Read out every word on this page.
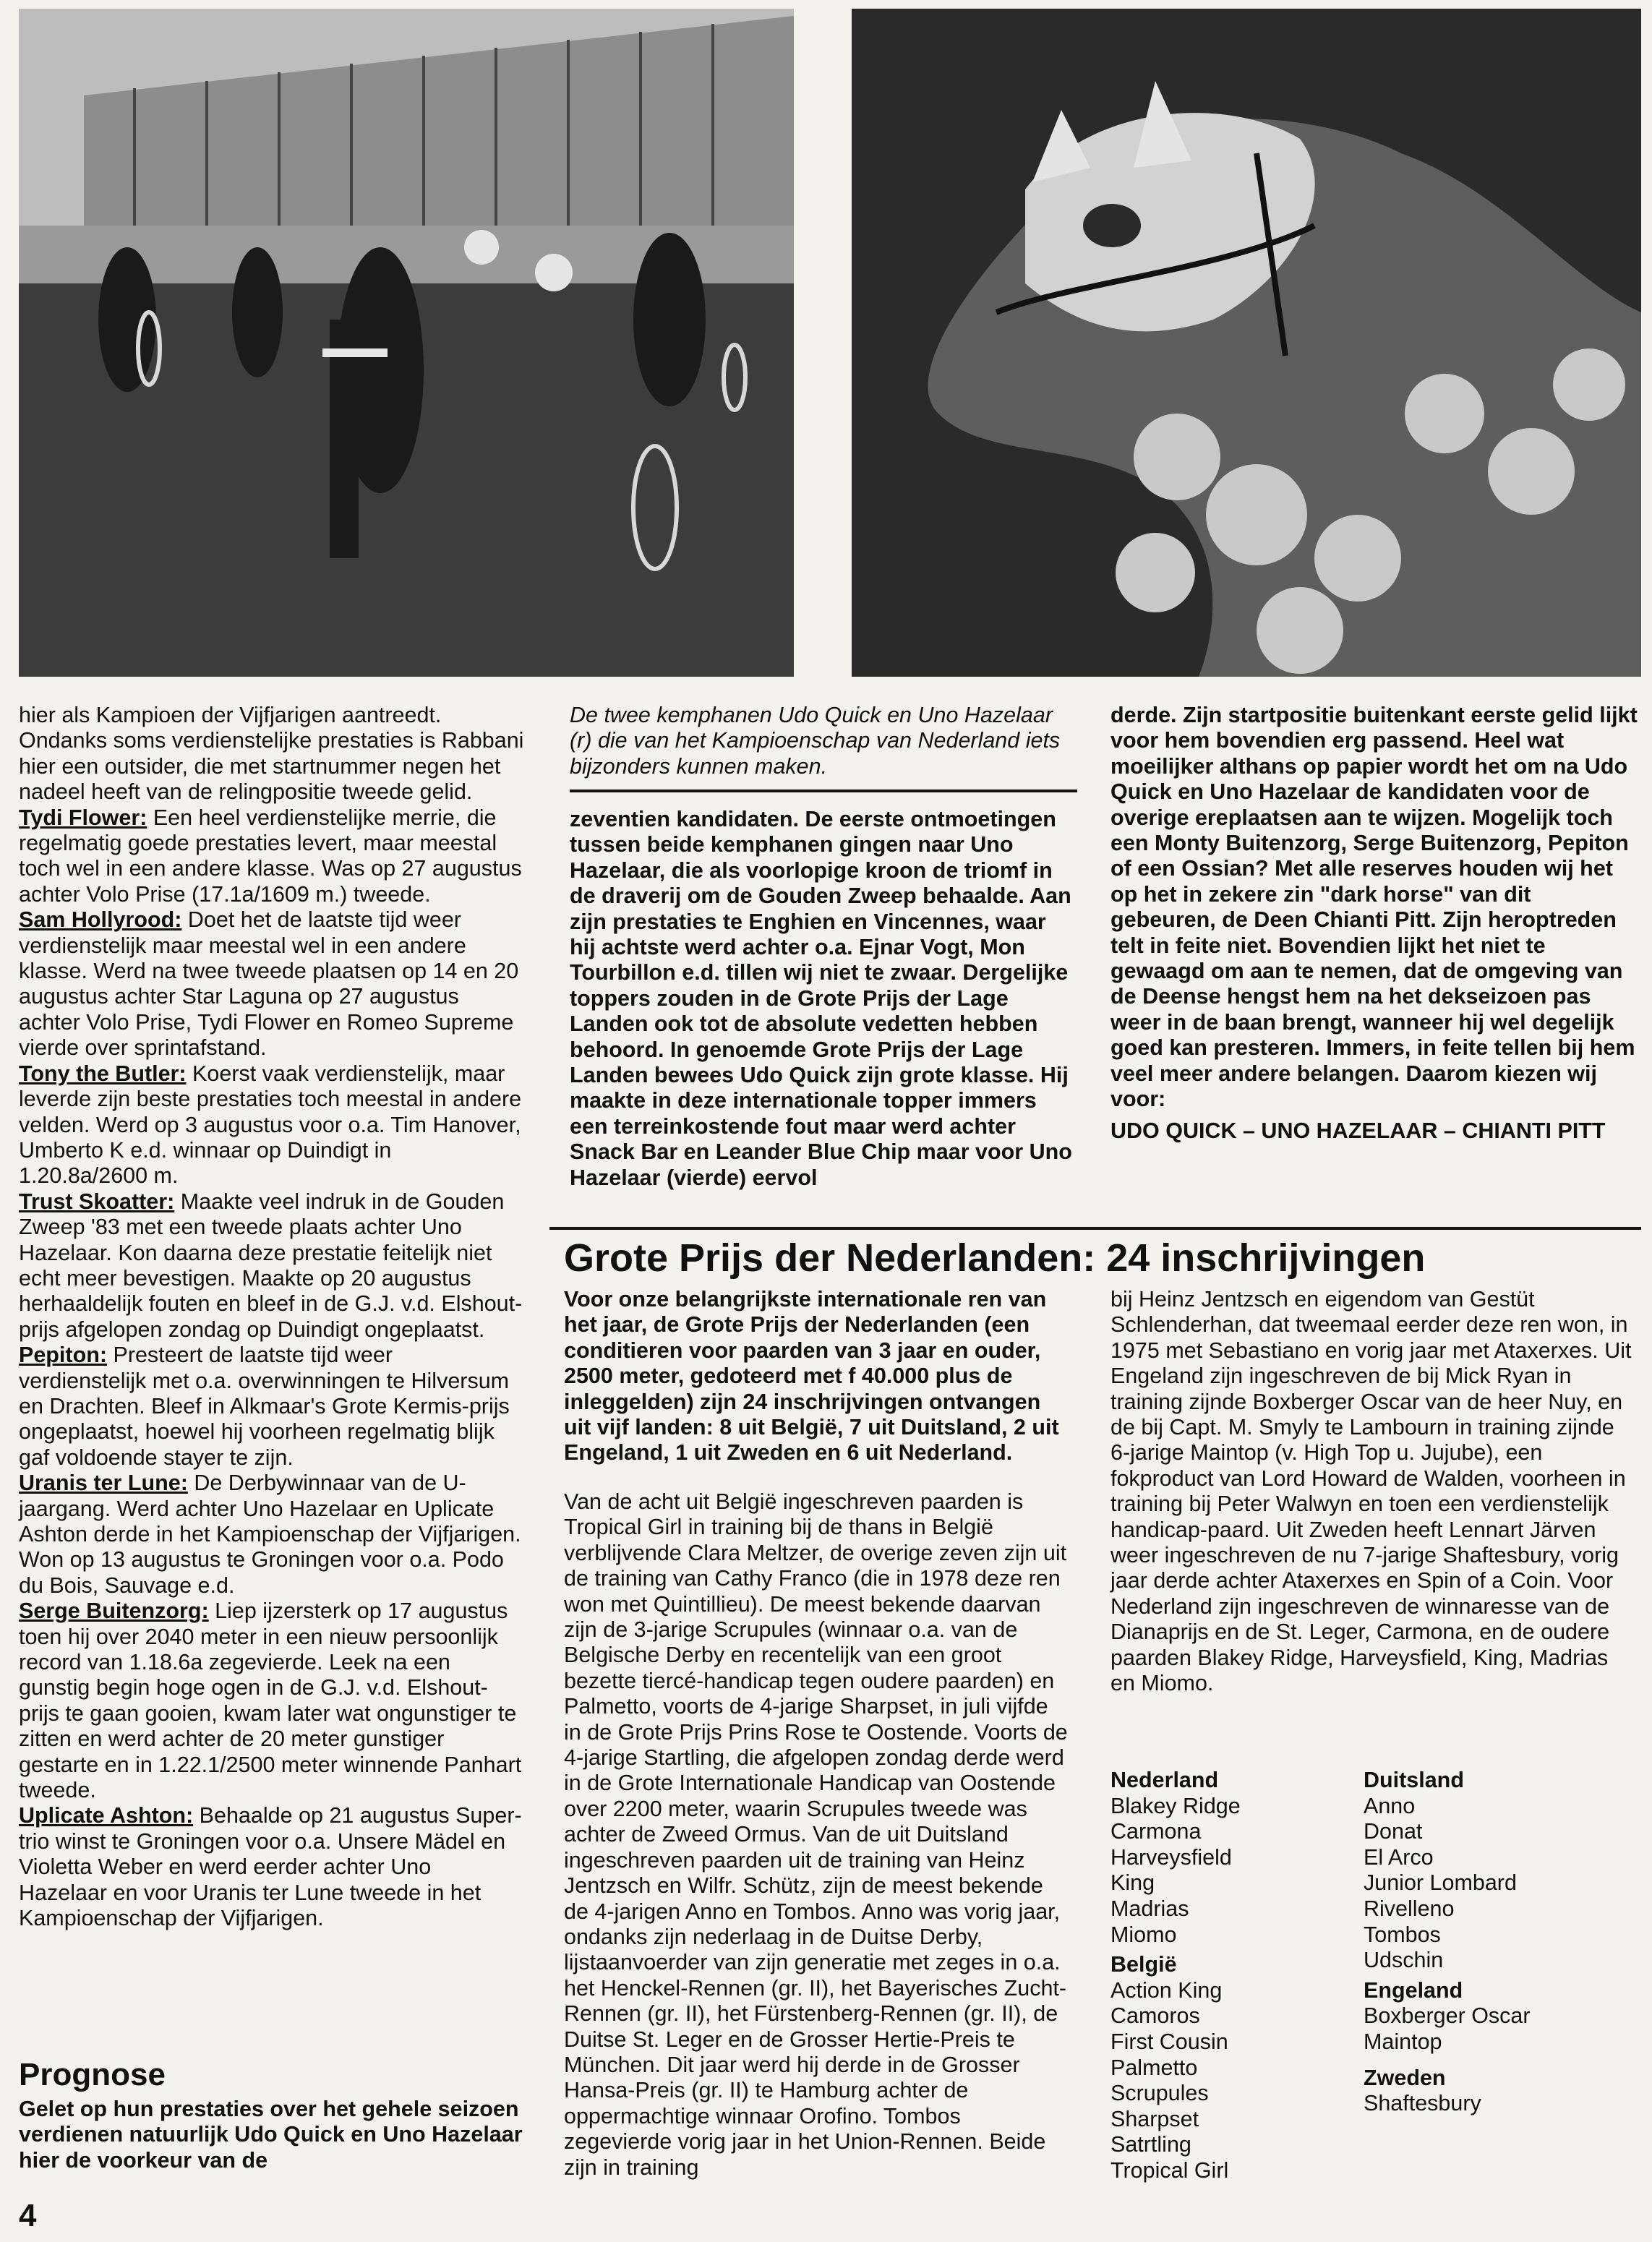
hier als Kampioen der Vijfjarigen aantreedt. Ondanks soms verdienstelijke prestaties is Rabbani hier een outsider, die met startnummer negen het nadeel heeft van de relingpositie tweede gelid.

Tydi Flower: Een heel verdienstelijke merrie, die regelmatig goede prestaties levert, maar meestal toch wel in een andere klasse. Was op 27 augustus achter Volo Prise (17.1a/1609 m.) tweede.

Sam Hollyrood: Doet het de laatste tijd weer verdienstelijk maar meestal wel in een andere klasse. Werd na twee tweede plaatsen op 14 en 20 augustus achter Star Laguna op 27 augustus achter Volo Prise, Tydi Flower en Romeo Supreme vierde over sprintafstand.

Tony the Butler: Koerst vaak verdienstelijk, maar leverde zijn beste prestaties toch meestal in andere velden. Werd op 3 augustus voor o.a. Tim Hanover, Umberto K e.d. winnaar op Duindigt in 1.20.8a/2600 m.

Trust Skoatter: Maakte veel indruk in de Gouden Zweep '83 met een tweede plaats achter Uno Hazelaar. Kon daarna deze prestatie feitelijk niet echt meer bevestigen. Maakte op 20 augustus herhaaldelijk fouten en bleef in de G.J. v.d. Elshout-prijs afgelopen zondag op Duindigt ongeplaatst.

Pepiton: Presteert de laatste tijd weer verdienstelijk met o.a. overwinningen te Hilversum en Drachten. Bleef in Alkmaar's Grote Kermis-prijs ongeplaatst, hoewel hij voorheen regelmatig blijk gaf voldoende stayer te zijn.

Uranis ter Lune: De Derbywinnaar van de U-jaargang. Werd achter Uno Hazelaar en Uplicate Ashton derde in het Kampioenschap der Vijfjarigen. Won op 13 augustus te Groningen voor o.a. Podo du Bois, Sauvage e.d.

Serge Buitenzorg: Liep ijzersterk op 17 augustus toen hij over 2040 meter in een nieuw persoonlijk record van 1.18.6a zegevierde. Leek na een gunstig begin hoge ogen in de G.J. v.d. Elshout-prijs te gaan gooien, kwam later wat ongunstiger te zitten en werd achter de 20 meter gunstiger gestarte en in 1.22.1/2500 meter winnende Panhart tweede.

Uplicate Ashton: Behaalde op 21 augustus Super-trio winst te Groningen voor o.a. Unsere Mädel en Violetta Weber en werd eerder achter Uno Hazelaar en voor Uranis ter Lune tweede in het Kampioenschap der Vijfjarigen.

Prognose

Gelet op hun prestaties over het gehele seizoen verdienen natuurlijk Udo Quick en Uno Hazelaar hier de voorkeur van de

De twee kemphanen Udo Quick en Uno Hazelaar (r) die van het Kampioenschap van Nederland iets bijzonders kunnen maken.

zeventien kandidaten. De eerste ontmoetingen tussen beide kemphanen gingen naar Uno Hazelaar, die als voorlopige kroon de triomf in de draverij om de Gouden Zweep behaalde. Aan zijn prestaties te Enghien en Vincennes, waar hij achtste werd achter o.a. Ejnar Vogt, Mon Tourbillon e.d. tillen wij niet te zwaar. Dergelijke toppers zouden in de Grote Prijs der Lage Landen ook tot de absolute vedetten hebben behoord. In genoemde Grote Prijs der Lage Landen bewees Udo Quick zijn grote klasse. Hij maakte in deze internationale topper immers een terreinkostende fout maar werd achter Snack Bar en Leander Blue Chip maar voor Uno Hazelaar (vierde) eervol

derde. Zijn startpositie buitenkant eerste gelid lijkt voor hem bovendien erg passend. Heel wat moeilijker althans op papier wordt het om na Udo Quick en Uno Hazelaar de kandidaten voor de overige ereplaatsen aan te wijzen. Mogelijk toch een Monty Buitenzorg, Serge Buitenzorg, Pepiton of een Ossian? Met alle reserves houden wij het op het in zekere zin "dark horse" van dit gebeuren, de Deen Chianti Pitt. Zijn heroptreden telt in feite niet. Bovendien lijkt het niet te gewaagd om aan te nemen, dat de omgeving van de Deense hengst hem na het dekseizoen pas weer in de baan brengt, wanneer hij wel degelijk goed kan presteren. Immers, in feite tellen bij hem veel meer andere belangen. Daarom kiezen wij voor:

UDO QUICK – UNO HAZELAAR – CHIANTI PITT

Grote Prijs der Nederlanden: 24 inschrijvingen

Voor onze belangrijkste internationale ren van het jaar, de Grote Prijs der Nederlanden (een conditieren voor paarden van 3 jaar en ouder, 2500 meter, gedoteerd met f 40.000 plus de inleggelden) zijn 24 inschrijvingen ontvangen uit vijf landen: 8 uit België, 7 uit Duitsland, 2 uit Engeland, 1 uit Zweden en 6 uit Nederland.

Van de acht uit België ingeschreven paarden is Tropical Girl in training bij de thans in België verblijvende Clara Meltzer, de overige zeven zijn uit de training van Cathy Franco (die in 1978 deze ren won met Quintillieu). De meest bekende daarvan zijn de 3-jarige Scrupules (winnaar o.a. van de Belgische Derby en recentelijk van een groot bezette tiercé-handicap tegen oudere paarden) en Palmetto, voorts de 4-jarige Sharpset, in juli vijfde in de Grote Prijs Prins Rose te Oostende. Voorts de 4-jarige Startling, die afgelopen zondag derde werd in de Grote Internationale Handicap van Oostende over 2200 meter, waarin Scrupules tweede was achter de Zweed Ormus. Van de uit Duitsland ingeschreven paarden uit de training van Heinz Jentzsch en Wilfr. Schütz, zijn de meest bekende de 4-jarigen Anno en Tombos. Anno was vorig jaar, ondanks zijn nederlaag in de Duitse Derby, lijstaanvoerder van zijn generatie met zeges in o.a. het Henckel-Rennen (gr. II), het Bayerisches Zucht-Rennen (gr. II), het Fürstenberg-Rennen (gr. II), de Duitse St. Leger en de Grosser Hertie-Preis te München. Dit jaar werd hij derde in de Grosser Hansa-Preis (gr. II) te Hamburg achter de oppermachtige winnaar Orofino. Tombos zegevierde vorig jaar in het Union-Rennen. Beide zijn in training

bij Heinz Jentzsch en eigendom van Gestüt Schlenderhan, dat tweemaal eerder deze ren won, in 1975 met Sebastiano en vorig jaar met Ataxerxes. Uit Engeland zijn ingeschreven de bij Mick Ryan in training zijnde Boxberger Oscar van de heer Nuy, en de bij Capt. M. Smyly te Lambourn in training zijnde 6-jarige Maintop (v. High Top u. Jujube), een fokproduct van Lord Howard de Walden, voorheen in training bij Peter Walwyn en toen een verdienstelijk handicap-paard. Uit Zweden heeft Lennart Järven weer ingeschreven de nu 7-jarige Shaftesbury, vorig jaar derde achter Ataxerxes en Spin of a Coin. Voor Nederland zijn ingeschreven de winnaresse van de Dianaprijs en de St. Leger, Carmona, en de oudere paarden Blakey Ridge, Harveysfield, King, Madrias en Miomo.

Nederland
Blakey Ridge
Carmona
Harveysfield
King
Madrias
Miomo
België
Action King
Camoros
First Cousin
Palmetto
Scrupules
Sharpset
Satrtling
Tropical Girl
Duitsland
Anno
Donat
El Arco
Junior Lombard
Rivelleno
Tombos
Udschin
Engeland
Boxberger Oscar
Maintop
Zweden
Shaftesbury
4
